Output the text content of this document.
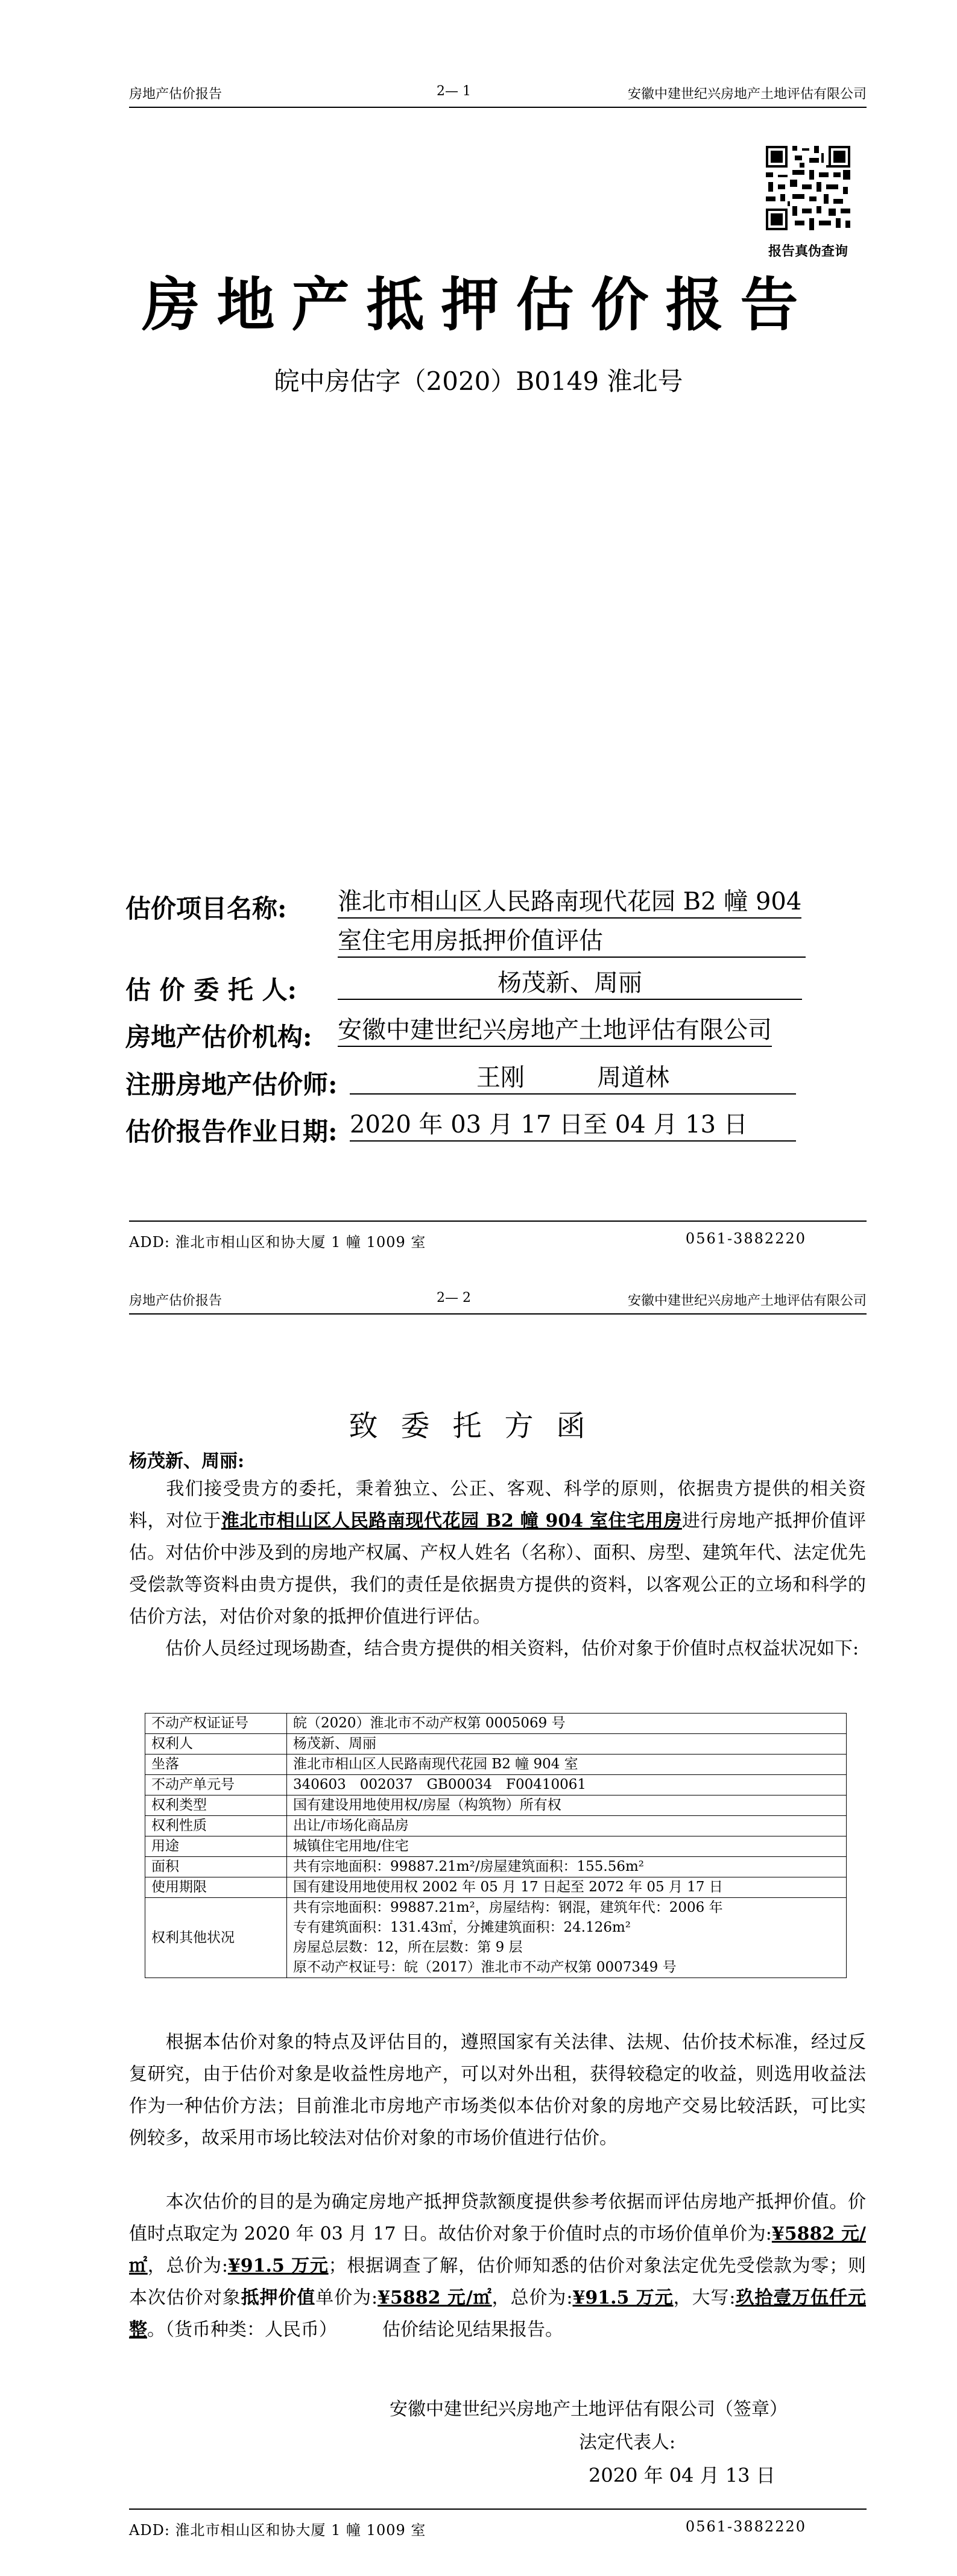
房地产估价报告	2— 1	安徽中建世纪兴房地产土地评估有限公司
报告真伪查询
房地产抵押估价报告
皖中房估字（2020）B0149 淮北号
估价项目名称: 淮北市相山区人民路南现代花园 B2 幢 904
室住宅用房抵押价值评估
估 价 委 托 人:	杨茂新、周丽
房地产估价机构: 安徽中建世纪兴房地产土地评估有限公司
注册房地产估价师:	王刚　　　周道林
估价报告作业日期: 2020 年 03 月 17 日至 04 月 13 日
ADD: 淮北市相山区和协大厦 1 幢 1009 室	0561-3882220
房地产估价报告	2— 2	安徽中建世纪兴房地产土地评估有限公司
致委托方函
杨茂新、周丽:
我们接受贵方的委托，秉着独立、公正、客观、科学的原则，依据贵方提供的相关资料，对位于淮北市相山区人民路南现代花园 B2 幢 904 室住宅用房进行房地产抵押价值评估。对估价中涉及到的房地产权属、产权人姓名（名称）、面积、房型、建筑年代、法定优先受偿款等资料由贵方提供，我们的责任是依据贵方提供的资料，以客观公正的立场和科学的估价方法，对估价对象的抵押价值进行评估。
估价人员经过现场勘查，结合贵方提供的相关资料，估价对象于价值时点权益状况如下:
不动产权证证号	皖（2020）淮北市不动产权第 0005069 号
权利人	杨茂新、周丽
坐落	淮北市相山区人民路南现代花园 B2 幢 904 室
不动产单元号	340603　002037　GB00034　F00410061
权利类型	国有建设用地使用权/房屋（构筑物）所有权
权利性质	出让/市场化商品房
用途	城镇住宅用地/住宅
面积	共有宗地面积：99887.21m²/房屋建筑面积：155.56m²
使用期限	国有建设用地使用权 2002 年 05 月 17 日起至 2072 年 05 月 17 日
权利其他状况	共有宗地面积：99887.21m²，房屋结构：钢混，建筑年代：2006 年
专有建筑面积：131.43㎡，分摊建筑面积：24.126m²
房屋总层数：12，所在层数：第 9 层
原不动产权证号：皖（2017）淮北市不动产权第 0007349 号
根据本估价对象的特点及评估目的，遵照国家有关法律、法规、估价技术标准，经过反复研究，由于估价对象是收益性房地产，可以对外出租，获得较稳定的收益，则选用收益法作为一种估价方法；目前淮北市房地产市场类似本估价对象的房地产交易比较活跃，可比实例较多，故采用市场比较法对估价对象的市场价值进行估价。
本次估价的目的是为确定房地产抵押贷款额度提供参考依据而评估房地产抵押价值。价值时点取定为 2020 年 03 月 17 日。故估价对象于价值时点的市场价值单价为:¥5882 元/㎡，总价为:¥91.5 万元；根据调查了解，估价师知悉的估价对象法定优先受偿款为零；则本次估价对象抵押价值单价为:¥5882 元/㎡，总价为:¥91.5 万元，大写:玖拾壹万伍仟元整。（货币种类：人民币）　　　估价结论见结果报告。
安徽中建世纪兴房地产土地评估有限公司（签章）
法定代表人:
2020 年 04 月 13 日
ADD: 淮北市相山区和协大厦 1 幢 1009 室	0561-3882220
